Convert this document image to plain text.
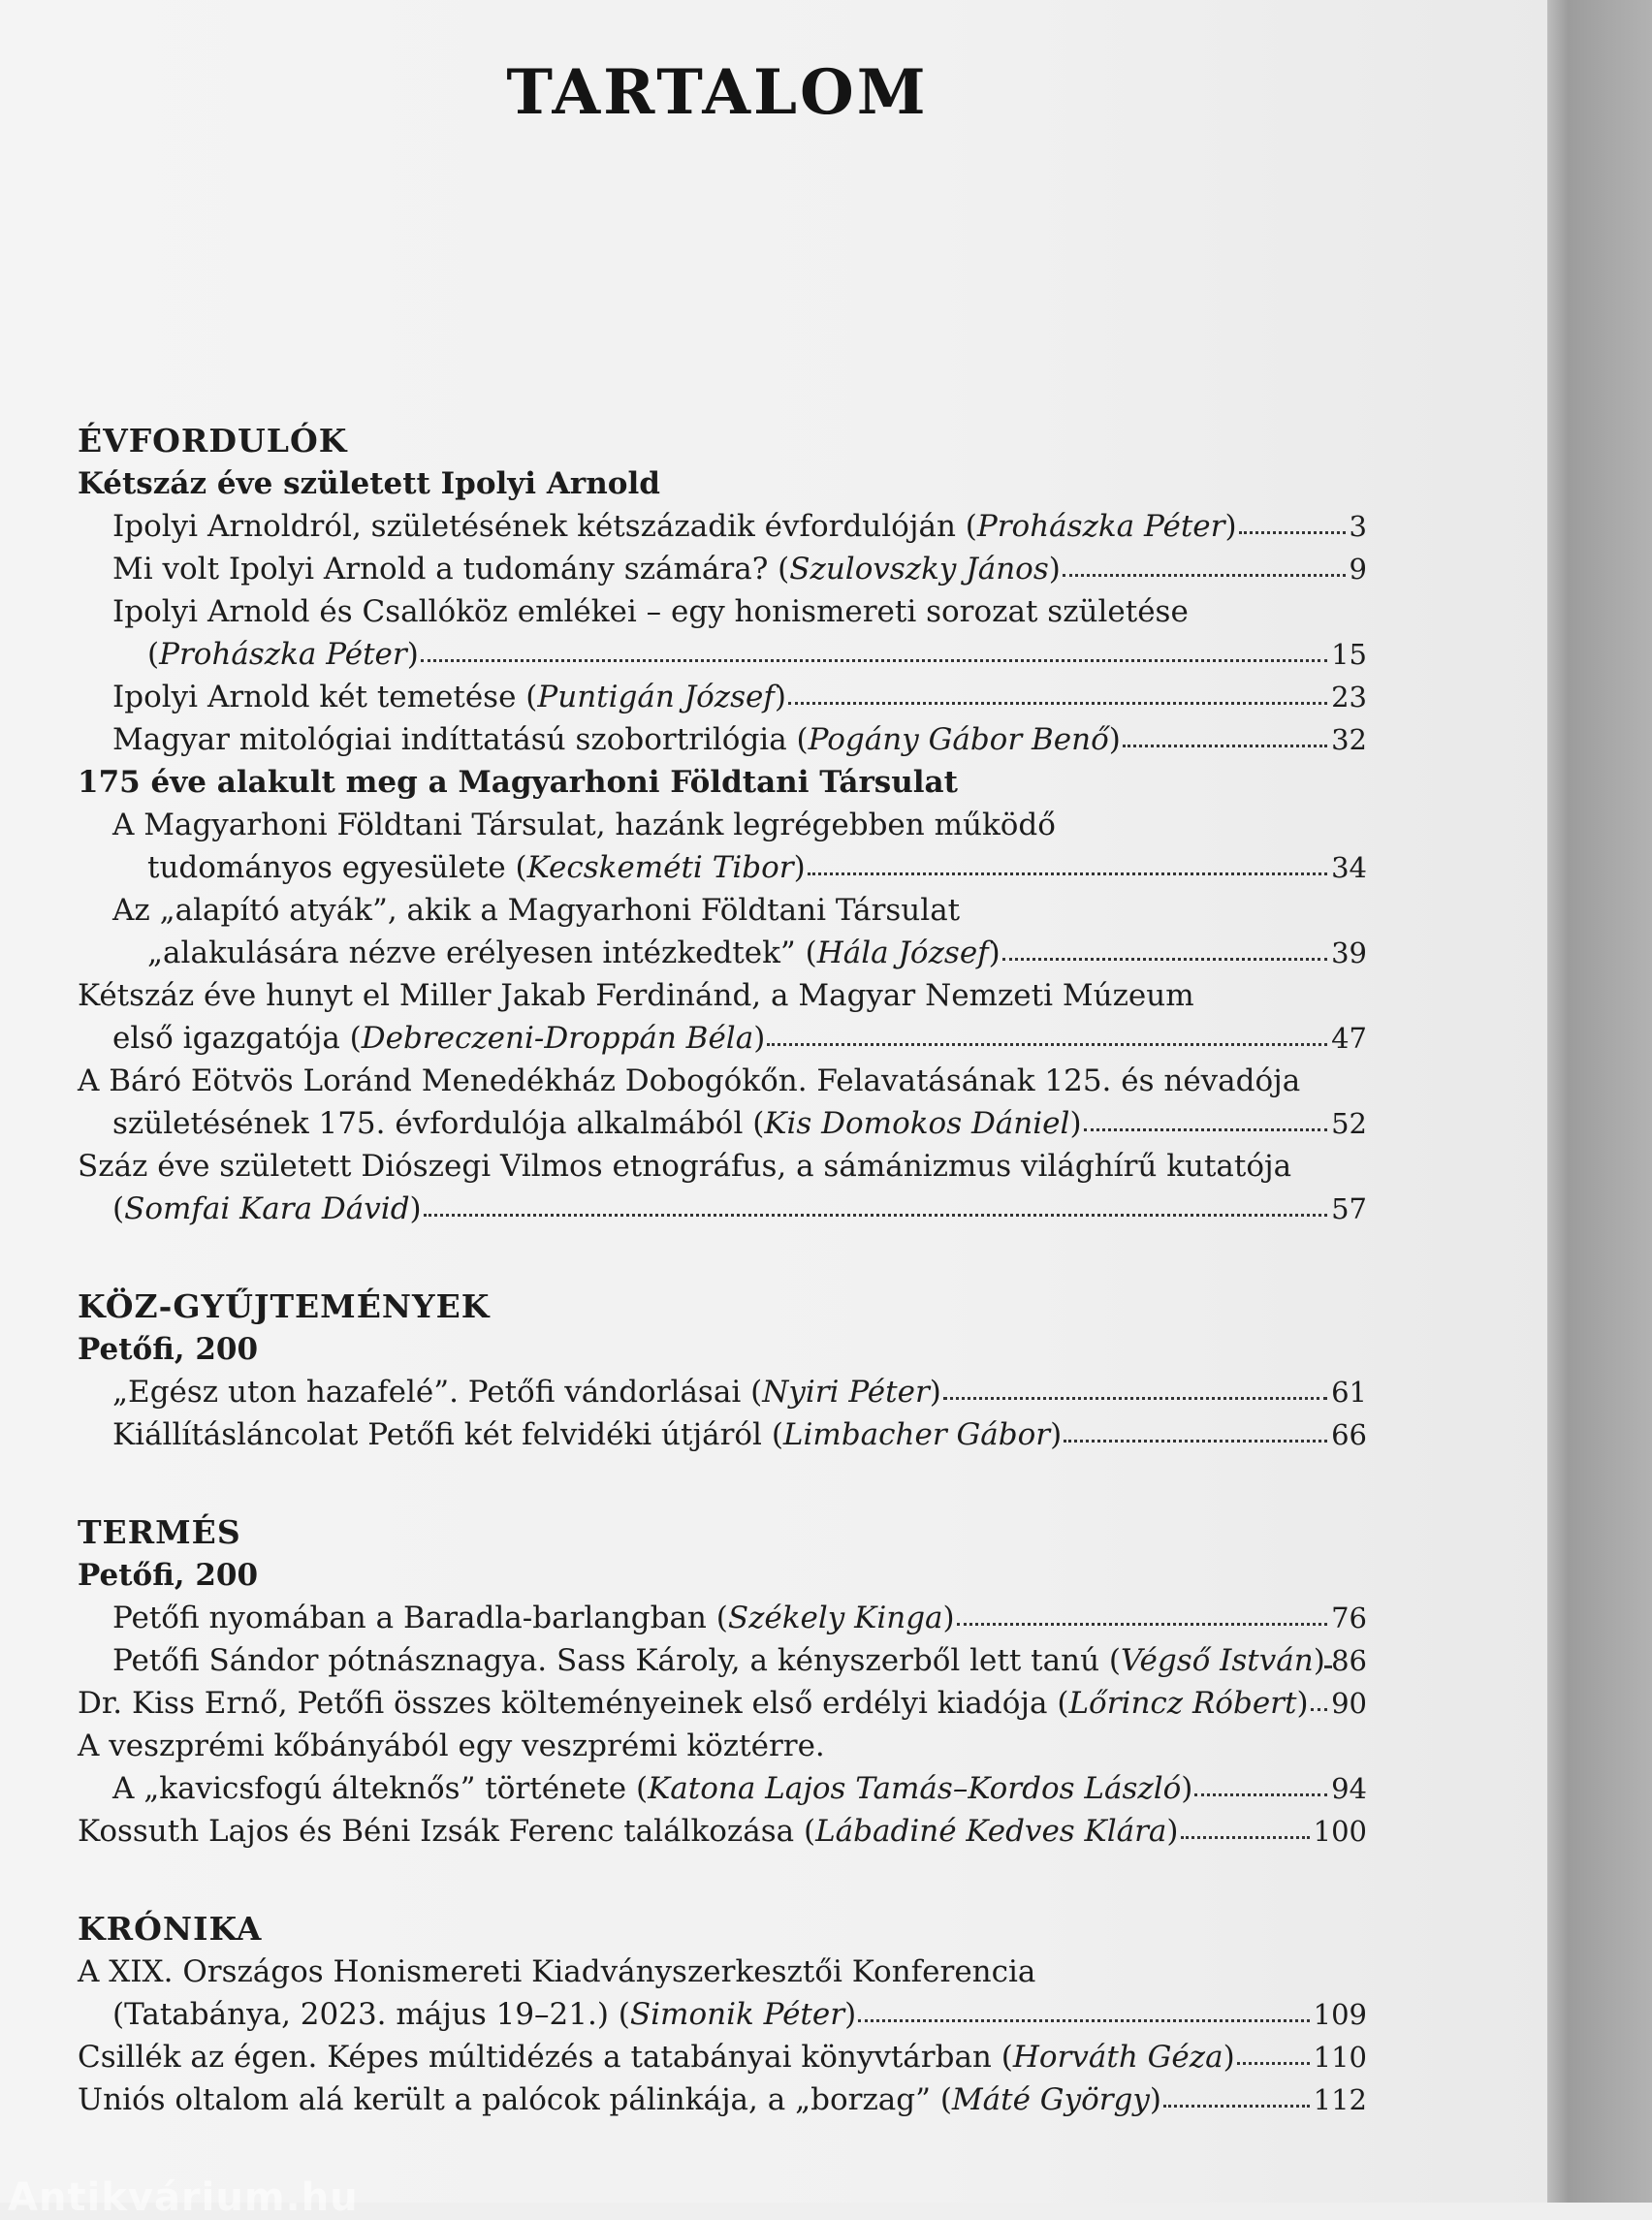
TARTALOM
ÉVFORDULÓK
Kétszáz éve született Ipolyi Arnold
Ipolyi Arnoldról, születésének kétszázadik évfordulóján (Prohászka Péter)	3
Mi volt Ipolyi Arnold a tudomány számára? (Szulovszky János)	9
Ipolyi Arnold és Csallóköz emlékei – egy honismereti sorozat születése
(Prohászka Péter)	15
Ipolyi Arnold két temetése (Puntigán József)	23
Magyar mitológiai indíttatású szobortrilógia (Pogány Gábor Benő)	32
175 éve alakult meg a Magyarhoni Földtani Társulat
A Magyarhoni Földtani Társulat, hazánk legrégebben működő
tudományos egyesülete (Kecskeméti Tibor)	34
Az „alapító atyák”, akik a Magyarhoni Földtani Társulat
„alakulására nézve erélyesen intézkedtek” (Hála József)	39
Kétszáz éve hunyt el Miller Jakab Ferdinánd, a Magyar Nemzeti Múzeum
első igazgatója (Debreczeni-Droppán Béla)	47
A Báró Eötvös Loránd Menedékház Dobogókőn. Felavatásának 125. és névadója
születésének 175. évfordulója alkalmából (Kis Domokos Dániel)	52
Száz éve született Diószegi Vilmos etnográfus, a sámánizmus világhírű kutatója
(Somfai Kara Dávid)	57
KÖZ-GYŰJTEMÉNYEK
Petőfi, 200
„Egész uton hazafelé”. Petőfi vándorlásai (Nyiri Péter)	61
Kiállításláncolat Petőfi két felvidéki útjáról (Limbacher Gábor)	66
TERMÉS
Petőfi, 200
Petőfi nyomában a Baradla-barlangban (Székely Kinga)	76
Petőfi Sándor pótnásznagya. Sass Károly, a kényszerből lett tanú (Végső István) 86
Dr. Kiss Ernő, Petőfi összes költeményeinek első erdélyi kiadója (Lőrincz Róbert) 90
A veszprémi kőbányából egy veszprémi köztérre.
A „kavicsfogú álteknős” története (Katona Lajos Tamás–Kordos László)	94
Kossuth Lajos és Béni Izsák Ferenc találkozása (Lábadiné Kedves Klára)	100
KRÓNIKA
A XIX. Országos Honismereti Kiadványszerkesztői Konferencia
(Tatabánya, 2023. május 19–21.) (Simonik Péter)	109
Csillék az égen. Képes múltidézés a tatabányai könyvtárban (Horváth Géza)	110
Uniós oltalom alá került a palócok pálinkája, a „borzag” (Máté György)	112
Antikvárium.hu
